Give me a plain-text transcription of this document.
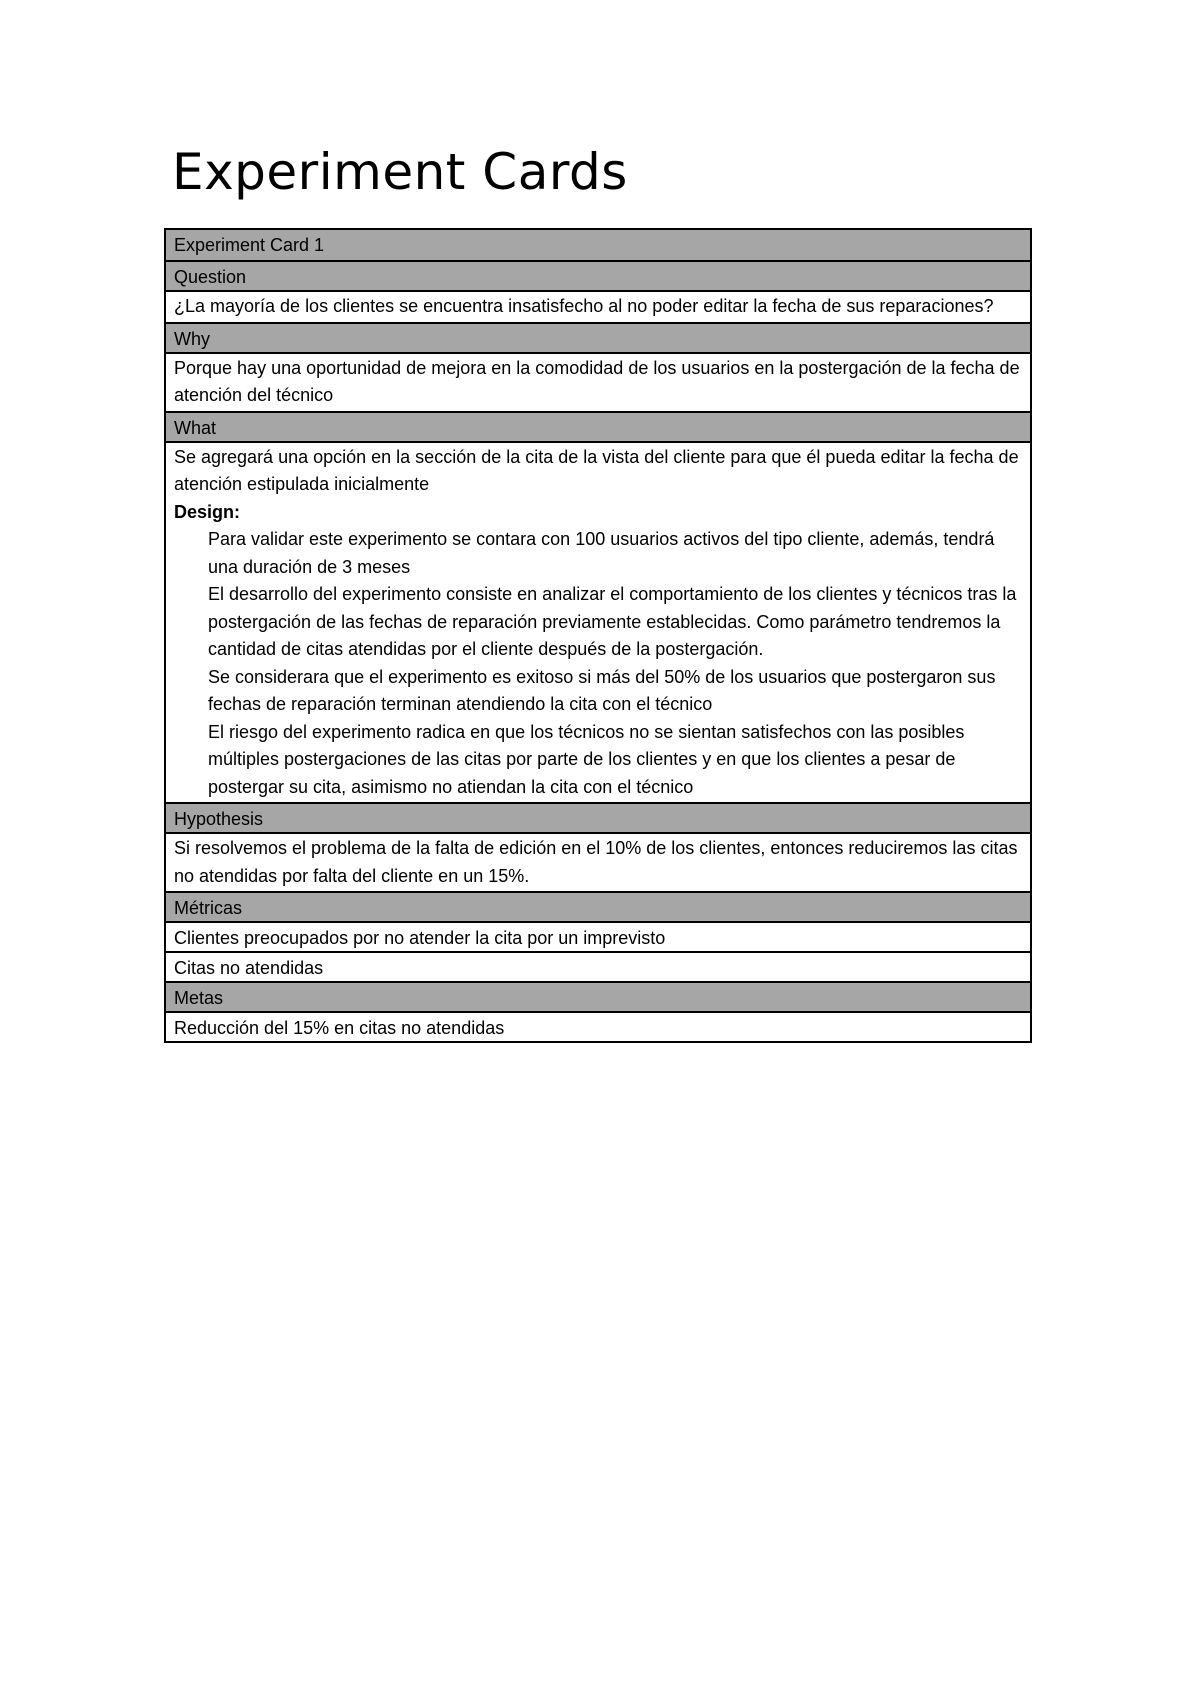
Experiment Cards
Experiment Card 1
Question
¿La mayoría de los clientes se encuentra insatisfecho al no poder editar la fecha de sus reparaciones?
Why
Porque hay una oportunidad de mejora en la comodidad de los usuarios en la postergación de la fecha de atención del técnico
What
Se agregará una opción en la sección de la cita de la vista del cliente para que él pueda editar la fecha de atención estipulada inicialmente
Design:
Para validar este experimento se contara con 100 usuarios activos del tipo cliente, además, tendrá una duración de 3 meses
El desarrollo del experimento consiste en analizar el comportamiento de los clientes y técnicos tras la postergación de las fechas de reparación previamente establecidas. Como parámetro tendremos la cantidad de citas atendidas por el cliente después de la postergación.
Se considerara que el experimento es exitoso si más del 50% de los usuarios que postergaron sus fechas de reparación terminan atendiendo la cita con el técnico
El riesgo del experimento radica en que los técnicos no se sientan satisfechos con las posibles múltiples postergaciones de las citas por parte de los clientes y en que los clientes a pesar de postergar su cita, asimismo no atiendan la cita con el técnico
Hypothesis
Si resolvemos el problema de la falta de edición en el 10% de los clientes, entonces reduciremos las citas no atendidas por falta del cliente en un 15%.
Métricas
Clientes preocupados por no atender la cita por un imprevisto
Citas no atendidas
Metas
Reducción del 15% en citas no atendidas
